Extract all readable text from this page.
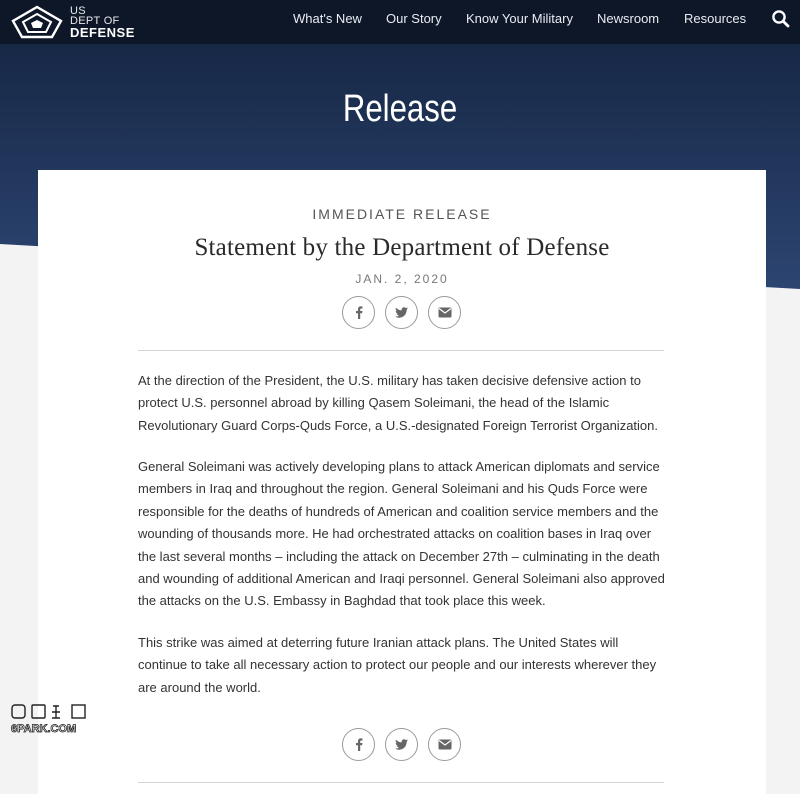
US
DEPT OF
DEFENSE
What's New Our Story Know Your Military Newsroom Resources
Release
IMMEDIATE RELEASE
Statement by the Department of Defense
JAN. 2, 2020

At the direction of the President, the U.S. military has taken decisive defensive action to protect U.S. personnel abroad by killing Qasem Soleimani, the head of the Islamic Revolutionary Guard Corps-Quds Force, a U.S.-designated Foreign Terrorist Organization.

General Soleimani was actively developing plans to attack American diplomats and service members in Iraq and throughout the region. General Soleimani and his Quds Force were responsible for the deaths of hundreds of American and coalition service members and the wounding of thousands more. He had orchestrated attacks on coalition bases in Iraq over the last several months – including the attack on December 27th – culminating in the death and wounding of additional American and Iraqi personnel. General Soleimani also approved the attacks on the U.S. Embassy in Baghdad that took place this week.

This strike was aimed at deterring future Iranian attack plans. The United States will continue to take all necessary action to protect our people and our interests wherever they are around the world.

6PARK.COM
